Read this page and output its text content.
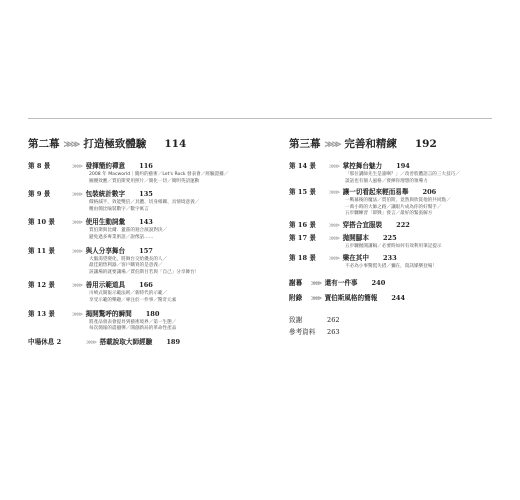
第二幕 ≫≫ 打造極致體驗 114
第 8 景	≫≫ 發揮簡約禪意 116
2008 年 Macworld｜簡約的藝術／Let's Rock 發表會／經驗證據／
圖優效應／賈伯斯愛用照片／簡化一切／簡明英語運動
第 9 景	≫≫ 包裝統計數字 135
價格減半，效能雙倍／具體、切身相關、具情境意義／
精由簡比喻裝數字／數字寓言
第 10 景	≫≫ 使用生動詞彙 143
賈伯斯與比爾．蓋茲的迴合演說對決／
避免過多專業術語／說像話……
第 11 景	≫≫ 與人分享舞台 157
大腦渴望變化，將舞台交給優長的人／
最佳銷售利器／客戶購買的是意義／
該讓場的就要讓場／賈伯斯甘若與「自己」分享舞台！
第 12 景	≫≫ 善用示範道具 166
川崎式簡報示範法則／新時代的示範／
享受示範的樂趣／專注於一件事／驚奇元素
第 13 景	≫≫ 揭開驚呼的瞬間 180
將產品發表會提昇到藝術境界／第一生態／
每次簡報的震撼彈／開創新局的革命性產品
中場休息 2	≫≫ 搭載說取大師經驗 189
第三幕 ≫≫ 完善和精練 192
第 14 景	≫≫ 掌控舞台魅力 194
「那位講師先生是誰啊？」／改善肢體語言的三大技巧／
談話也有個人風格／發揮你理想的領導力
第 15 景	≫≫ 讓一切看起來輕而易舉 206
一戰幕後的魔法／賈伯斯，竟然與欣賞他的共同點／
一萬小時的大師之路／讓眼片成為你的好幫手／
五步驟練習「即興」發言／最好的緊張解方
第 16 景	≫≫ 穿搭合宜服裝 222
第 17 景	≫≫ 拋開腳本 225
五步驟拋開講稿／必要時如何有效利用筆記提示
第 18 景	≫≫ 樂在其中 233
不必為小事驚慌失措／彌在，資訊媒樂登場！
謝幕	≫≫ 還有一件事 240
附錄	≫≫ 賈伯斯風格的簡報 244
致謝	262
參考資料	263
